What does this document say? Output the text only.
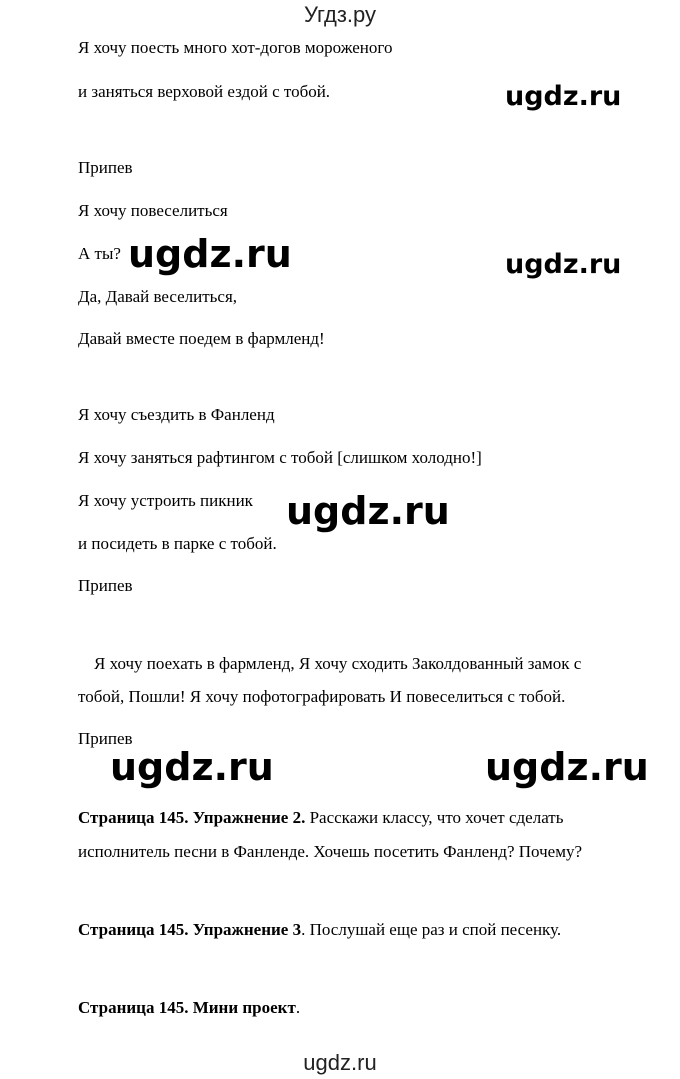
Угдз.ру
Я хочу поесть много хот-догов мороженого
и заняться верховой ездой с тобой.	ugdz.ru
Припев
Я хочу повеселиться
А ты? ugdz.ru	ugdz.ru
Да, Давай веселиться,
Давай вместе поедем в фармленд!
Я хочу съездить в Фанленд
Я хочу заняться рафтингом с тобой [слишком холодно!]
Я хочу устроить пикник ugdz.ru
и посидеть в парке с тобой.
Припев
Я хочу поехать в фармленд, Я хочу сходить Заколдованный замок с
тобой, Пошли! Я хочу пофотографировать И повеселиться с тобой.
Припев
ugdz.ru	ugdz.ru
Страница 145. Упражнение 2. Расскажи классу, что хочет сделать
исполнитель песни в Фанленде. Хочешь посетить Фанленд? Почему?
Страница 145. Упражнение 3. Послушай еще раз и спой песенку.
Страница 145. Мини проект.
ugdz.ru
